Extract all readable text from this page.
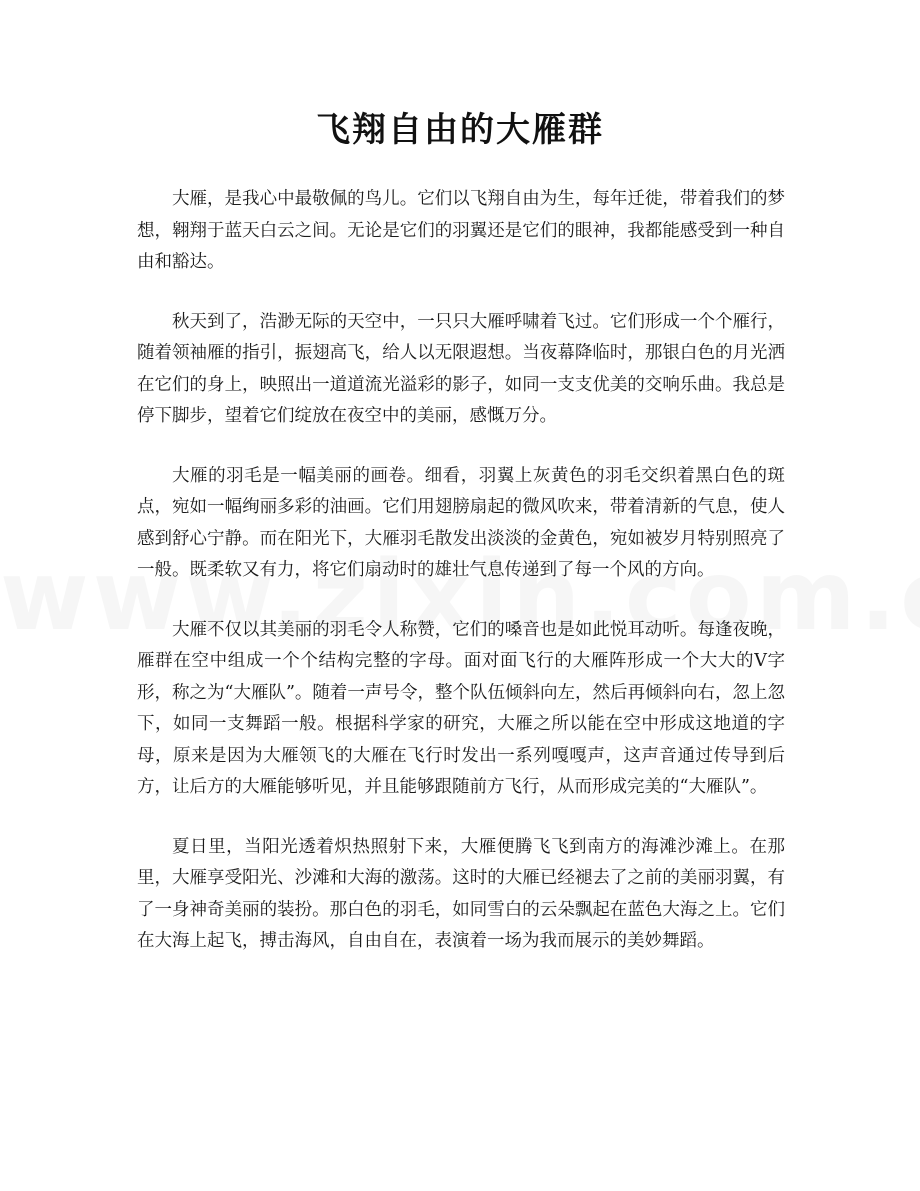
飞翔自由的大雁群

大雁，是我心中最敬佩的鸟儿。它们以飞翔自由为生，每年迁徙，带着我们的梦想，翱翔于蓝天白云之间。无论是它们的羽翼还是它们的眼神，我都能感受到一种自由和豁达。

秋天到了，浩渺无际的天空中，一只只大雁呼啸着飞过。它们形成一个个雁行，随着领袖雁的指引，振翅高飞，给人以无限遐想。当夜幕降临时，那银白色的月光洒在它们的身上，映照出一道道流光溢彩的影子，如同一支支优美的交响乐曲。我总是停下脚步，望着它们绽放在夜空中的美丽，感慨万分。

大雁的羽毛是一幅美丽的画卷。细看，羽翼上灰黄色的羽毛交织着黑白色的斑点，宛如一幅绚丽多彩的油画。它们用翅膀扇起的微风吹来，带着清新的气息，使人感到舒心宁静。而在阳光下，大雁羽毛散发出淡淡的金黄色，宛如被岁月特别照亮了一般。既柔软又有力，将它们扇动时的雄壮气息传递到了每一个风的方向。

大雁不仅以其美丽的羽毛令人称赞，它们的嗓音也是如此悦耳动听。每逢夜晚，雁群在空中组成一个个结构完整的字母。面对面飞行的大雁阵形成一个大大的V字形，称之为“大雁队”。随着一声号令，整个队伍倾斜向左，然后再倾斜向右，忽上忽下，如同一支舞蹈一般。根据科学家的研究，大雁之所以能在空中形成这地道的字母，原来是因为大雁领飞的大雁在飞行时发出一系列嘎嘎声，这声音通过传导到后方，让后方的大雁能够听见，并且能够跟随前方飞行，从而形成完美的“大雁队”。

夏日里，当阳光透着炽热照射下来，大雁便腾飞飞到南方的海滩沙滩上。在那里，大雁享受阳光、沙滩和大海的激荡。这时的大雁已经褪去了之前的美丽羽翼，有了一身神奇美丽的装扮。那白色的羽毛，如同雪白的云朵飘起在蓝色大海之上。它们在大海上起飞，搏击海风，自由自在，表演着一场为我而展示的美妙舞蹈。
